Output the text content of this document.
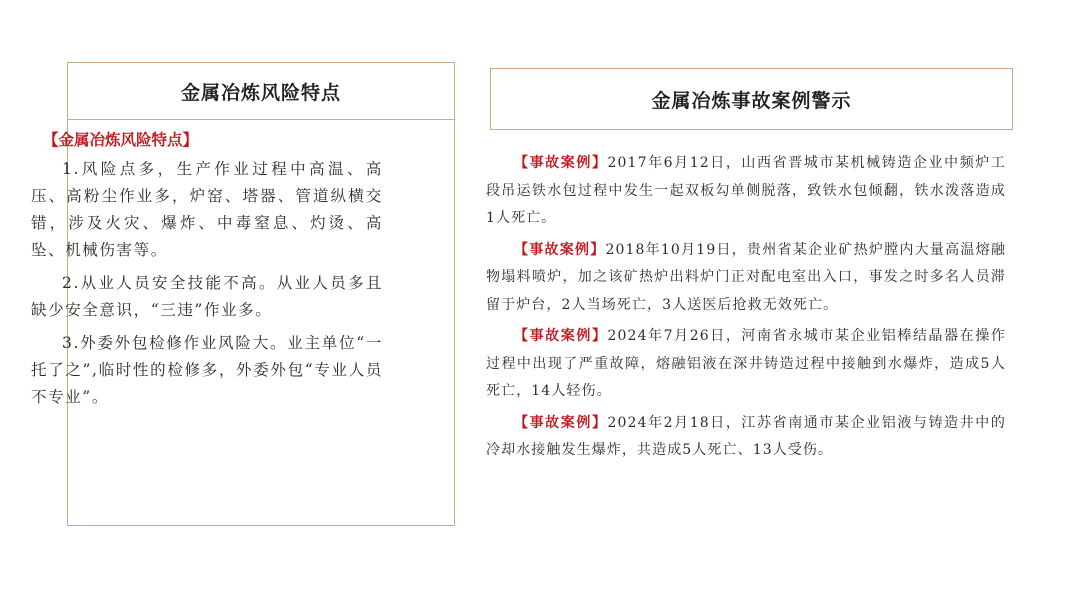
金属冶炼风险特点
【金属冶炼风险特点】

1.风险点多，生产作业过程中高温、高压、高粉尘作业多，炉窑、塔器、管道纵横交错，涉及火灾、爆炸、中毒窒息、灼烫、高坠、机械伤害等。

2.从业人员安全技能不高。从业人员多且缺少安全意识，“三违”作业多。

3.外委外包检修作业风险大。业主单位“一托了之”,临时性的检修多，外委外包“专业人员不专业”。

金属冶炼事故案例警示

【事故案例】2017年6月12日，山西省晋城市某机械铸造企业中频炉工段吊运铁水包过程中发生一起双板勾单侧脱落，致铁水包倾翻，铁水泼落造成1人死亡。

【事故案例】2018年10月19日，贵州省某企业矿热炉膛内大量高温熔融物塌料喷炉，加之该矿热炉出料炉门正对配电室出入口，事发之时多名人员滞留于炉台，2人当场死亡，3人送医后抢救无效死亡。

【事故案例】2024年7月26日，河南省永城市某企业铝棒结晶器在操作过程中出现了严重故障，熔融铝液在深井铸造过程中接触到水爆炸，造成5人死亡，14人轻伤。

【事故案例】2024年2月18日，江苏省南通市某企业铝液与铸造井中的冷却水接触发生爆炸，共造成5人死亡、13人受伤。
